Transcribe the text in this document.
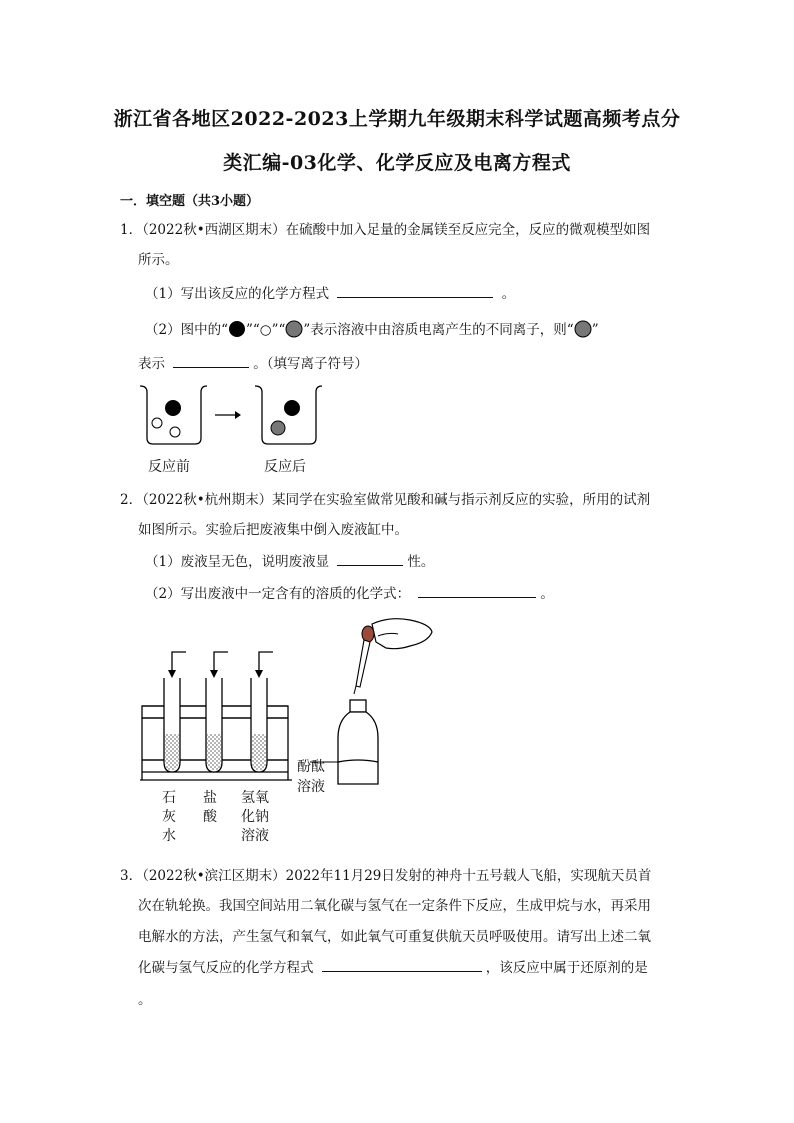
浙江省各地区2022-2023上学期九年级期末科学试题高频考点分
类汇编-03化学、化学反应及电离方程式
一．填空题（共3小题）
1．（2022秋•西湖区期末）在硫酸中加入足量的金属镁至反应完全，反应的微观模型如图
所示。
（1）写出该反应的化学方程式	。
（2）图中的“ ”“○”“ ”表示溶液中由溶质电离产生的不同离子，则“ ”
表示	。（填写离子符号）
反应前	反应后
2．（2022秋•杭州期末）某同学在实验室做常见酸和碱与指示剂反应的实验，所用的试剂
如图所示。实验后把废液集中倒入废液缸中。
（1）废液呈无色，说明废液显	性。
（2）写出废液中一定含有的溶质的化学式：	。
酚酞
溶液
石
灰
水
盐
酸
氢氧
化钠
溶液
3．（2022秋•滨江区期末）2022年11月29日发射的神舟十五号载人飞船，实现航天员首
次在轨轮换。我国空间站用二氧化碳与氢气在一定条件下反应，生成甲烷与水，再采用
电解水的方法，产生氢气和氧气，如此氧气可重复供航天员呼吸使用。请写出上述二氧
化碳与氢气反应的化学方程式	，该反应中属于还原剂的是
。
